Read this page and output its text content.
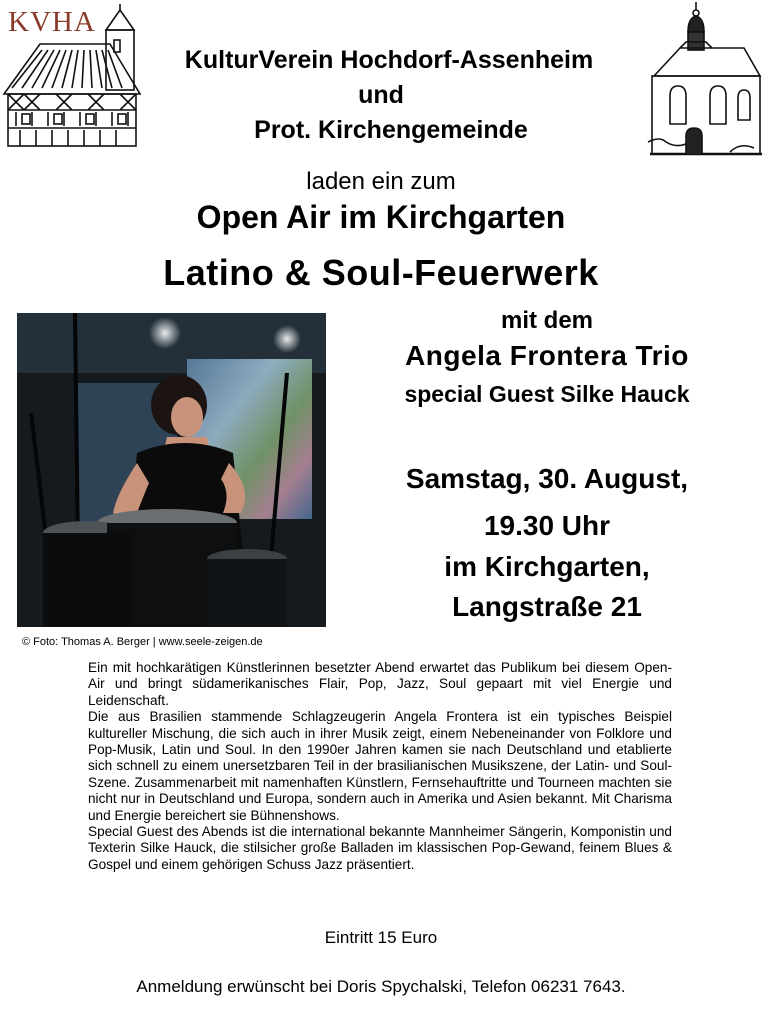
KVHA
KulturVerein Hochdorf-Assenheim
und
Prot. Kirchengemeinde
laden ein zum
Open Air im Kirchgarten
Latino & Soul-Feuerwerk
© Foto: Thomas A. Berger | www.seele-zeigen.de
mit dem
Angela Frontera Trio
special Guest Silke Hauck
Samstag, 30. August,
19.30 Uhr
im Kirchgarten,
Langstraße 21

Ein mit hochkarätigen Künstlerinnen besetzter Abend erwartet das Publikum bei diesem Open-Air und bringt südamerikanisches Flair, Pop, Jazz, Soul gepaart mit viel Energie und Leidenschaft.

Die aus Brasilien stammende Schlagzeugerin Angela Frontera ist ein typisches Beispiel kultureller Mischung, die sich auch in ihrer Musik zeigt, einem Nebeneinander von Folklore und Pop-Musik, Latin und Soul. In den 1990er Jahren kamen sie nach Deutschland und etablierte sich schnell zu einem unersetzbaren Teil in der brasilianischen Musikszene, der Latin- und Soul-Szene. Zusammenarbeit mit namenhaften Künstlern, Fernsehauftritte und Tourneen machten sie nicht nur in Deutschland und Europa, sondern auch in Amerika und Asien bekannt. Mit Charisma und Energie bereichert sie Bühnenshows.

Special Guest des Abends ist die international bekannte Mannheimer Sängerin, Komponistin und Texterin Silke Hauck, die stilsicher große Balladen im klassischen Pop-Gewand, feinem Blues & Gospel und einem gehörigen Schuss Jazz präsentiert.

Eintritt 15 Euro
Anmeldung erwünscht bei Doris Spychalski, Telefon 06231 7643.
